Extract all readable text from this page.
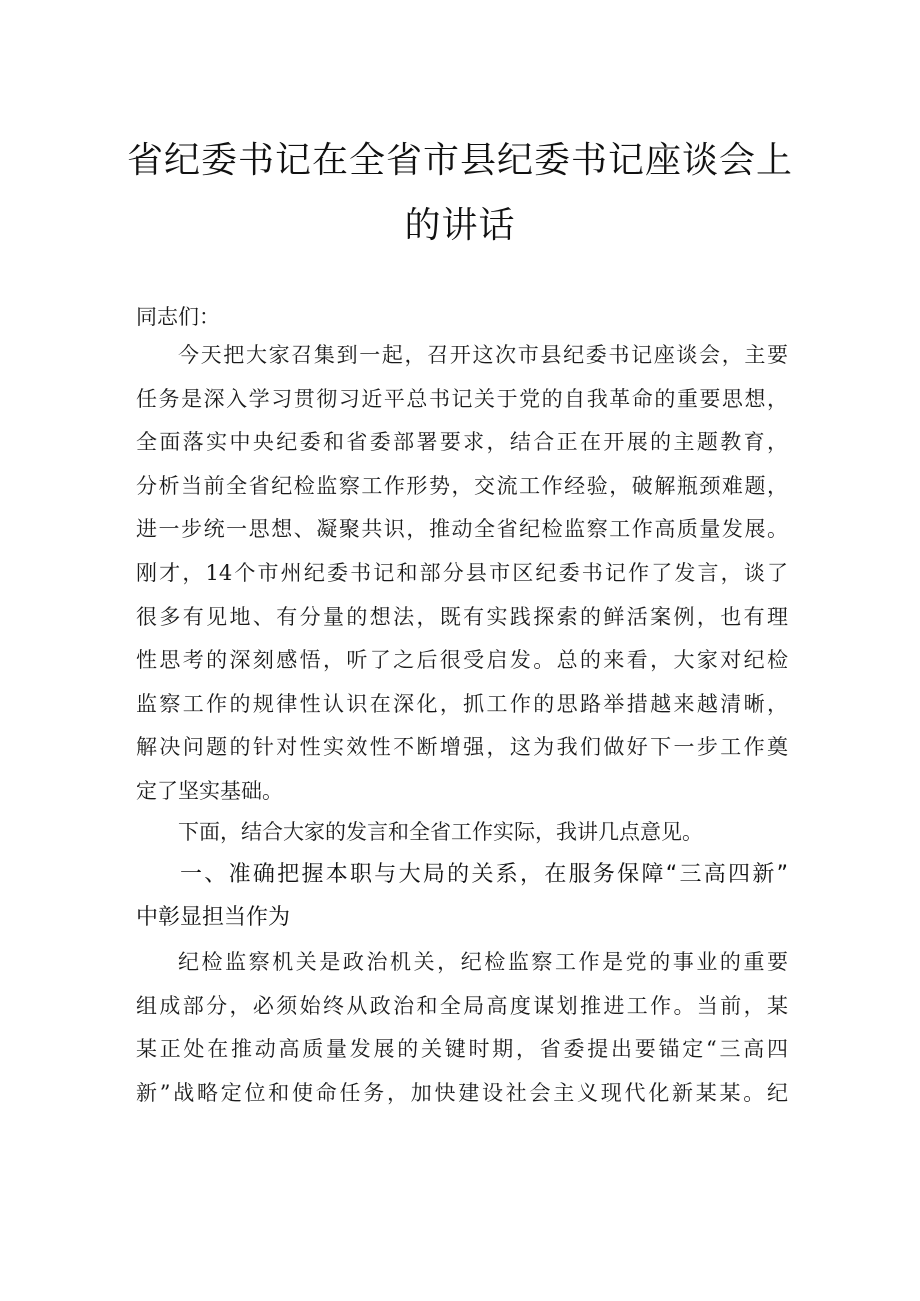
省纪委书记在全省市县纪委书记座谈会上
的讲话
同志们：
今天把大家召集到一起，召开这次市县纪委书记座谈会，主要
任务是深入学习贯彻习近平总书记关于党的自我革命的重要思想，
全面落实中央纪委和省委部署要求，结合正在开展的主题教育，
分析当前全省纪检监察工作形势，交流工作经验，破解瓶颈难题，
进一步统一思想、凝聚共识，推动全省纪检监察工作高质量发展。
刚才，14个市州纪委书记和部分县市区纪委书记作了发言，谈了
很多有见地、有分量的想法，既有实践探索的鲜活案例，也有理
性思考的深刻感悟，听了之后很受启发。总的来看，大家对纪检
监察工作的规律性认识在深化，抓工作的思路举措越来越清晰，
解决问题的针对性实效性不断增强，这为我们做好下一步工作奠
定了坚实基础。
下面，结合大家的发言和全省工作实际，我讲几点意见。
一、准确把握本职与大局的关系，在服务保障“三高四新”
中彰显担当作为
纪检监察机关是政治机关，纪检监察工作是党的事业的重要
组成部分，必须始终从政治和全局高度谋划推进工作。当前，某
某正处在推动高质量发展的关键时期，省委提出要锚定“三高四
新”战略定位和使命任务，加快建设社会主义现代化新某某。纪
